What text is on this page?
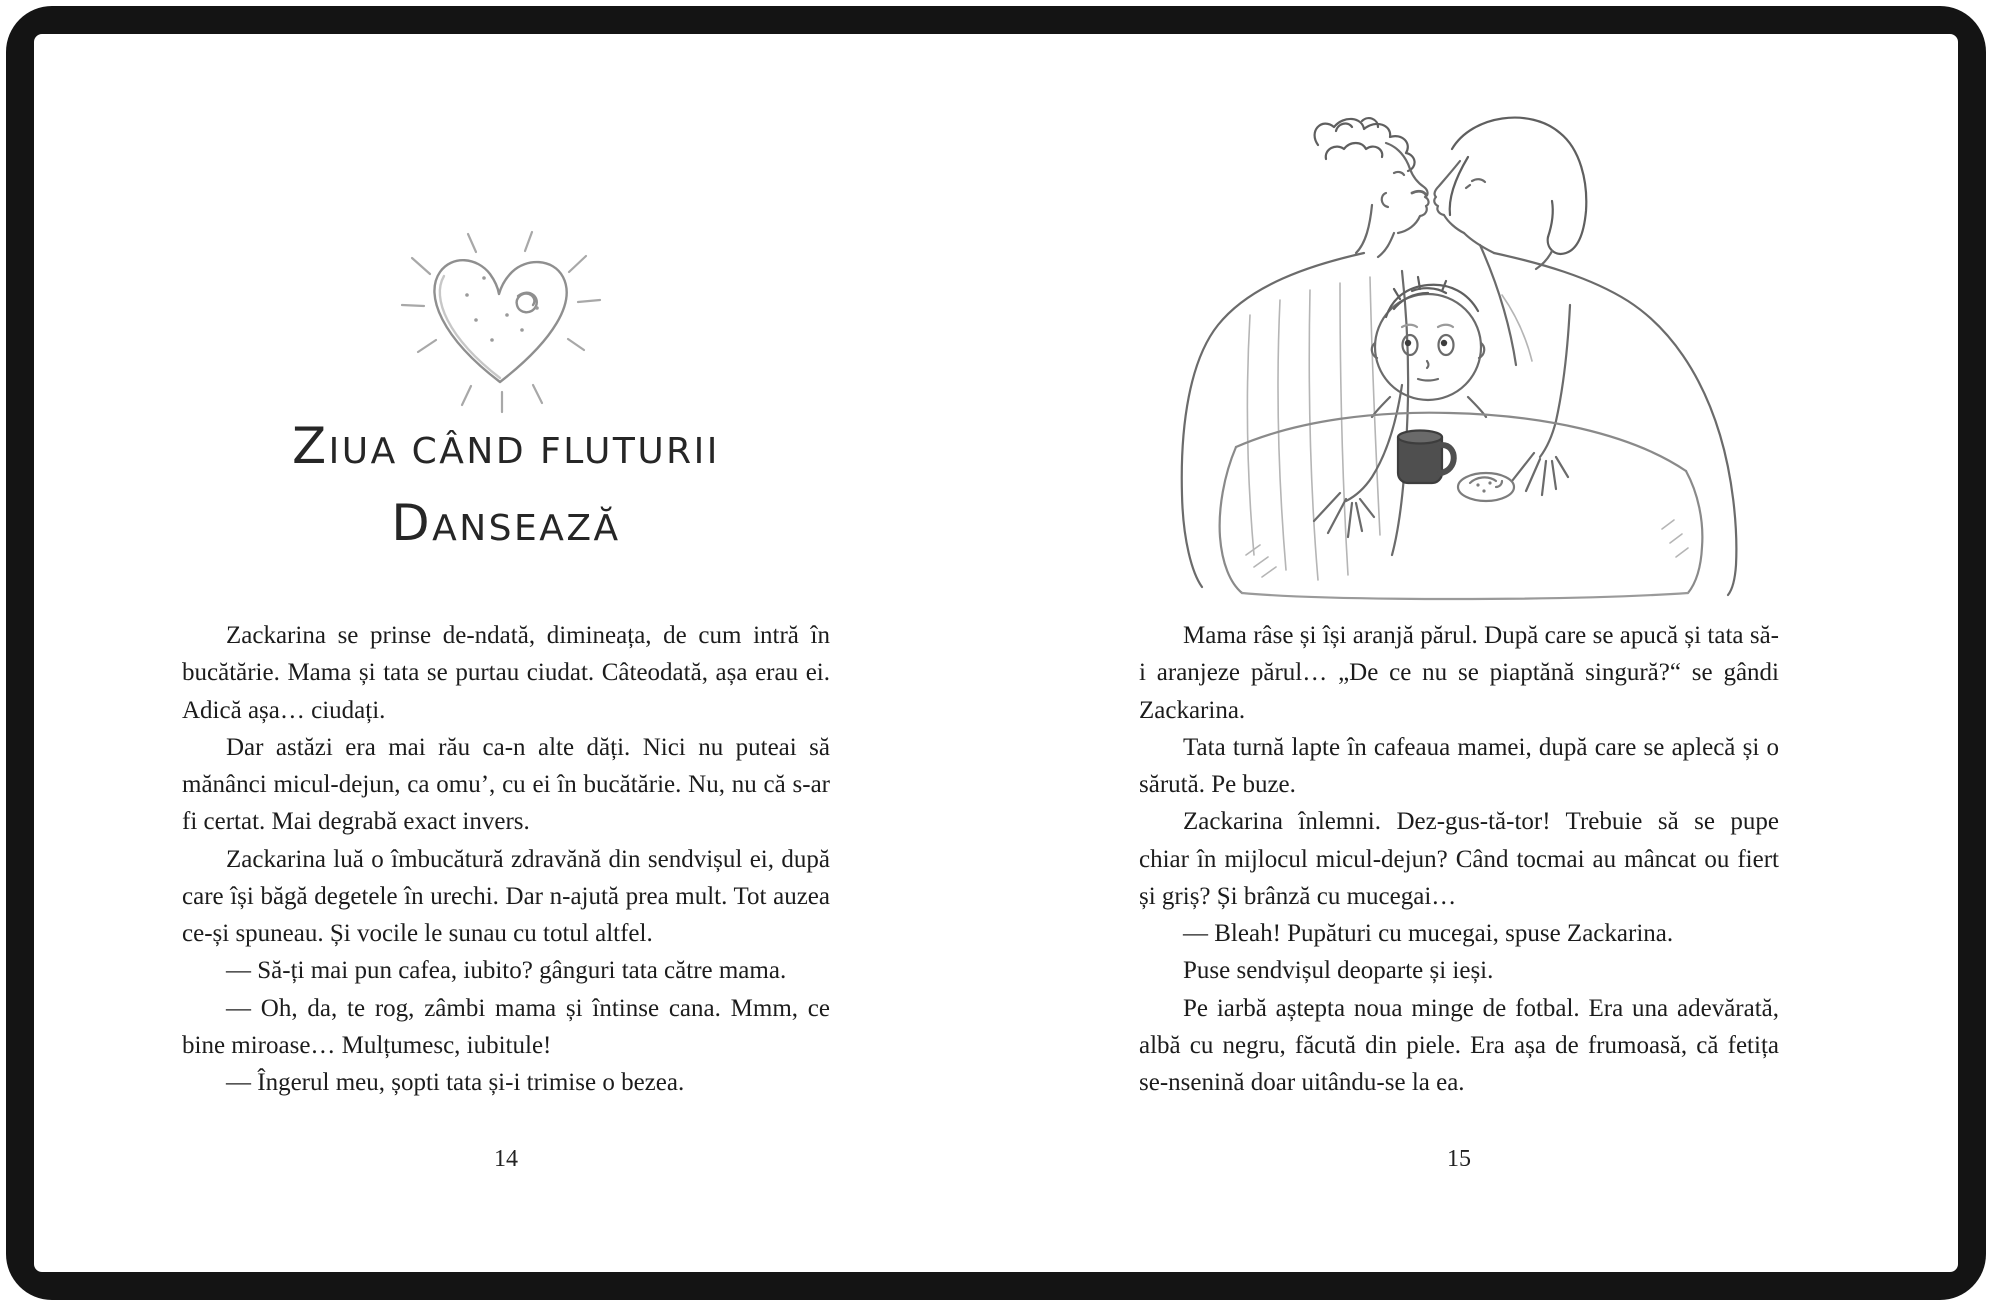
ZIUA CÂND FLUTURII
DANSEAZĂ

Zackarina se prinse de-ndată, dimineața, de cum intră în bucătărie. Mama și tata se purtau ciudat. Câteodată, așa erau ei. Adică așa… ciudați.

Dar astăzi era mai rău ca-n alte dăți. Nici nu puteai să mănânci micul-dejun, ca omu’, cu ei în bucătărie. Nu, nu că s-ar fi certat. Mai degrabă exact invers.

Zackarina luă o îmbucătură zdravănă din sendvișul ei, după care își băgă degetele în urechi. Dar n-ajută prea mult. Tot auzea ce-și spuneau. Și vocile le sunau cu totul altfel.

— Să-ți mai pun cafea, iubito? gânguri tata către mama.

— Oh, da, te rog, zâmbi mama și întinse cana. Mmm, ce bine miroase… Mulțumesc, iubitule!

— Îngerul meu, șopti tata și-i trimise o bezea.

Mama râse și își aranjă părul. După care se apucă și tata să-i aranjeze părul… „De ce nu se piaptănă singură?“ se gândi Zackarina.

Tata turnă lapte în cafeaua mamei, după care se aplecă și o sărută. Pe buze.

Zackarina înlemni. Dez-gus-tă-tor! Trebuie să se pupe chiar în mijlocul micul-dejun? Când tocmai au mâncat ou fiert și griș? Și brânză cu mucegai…

— Bleah! Pupături cu mucegai, spuse Zackarina.

Puse sendvișul deoparte și ieși.

Pe iarbă aștepta noua minge de fotbal. Era una adevărată, albă cu negru, făcută din piele. Era așa de frumoasă, că fetița se-nsenină doar uitându-se la ea.

14	15
